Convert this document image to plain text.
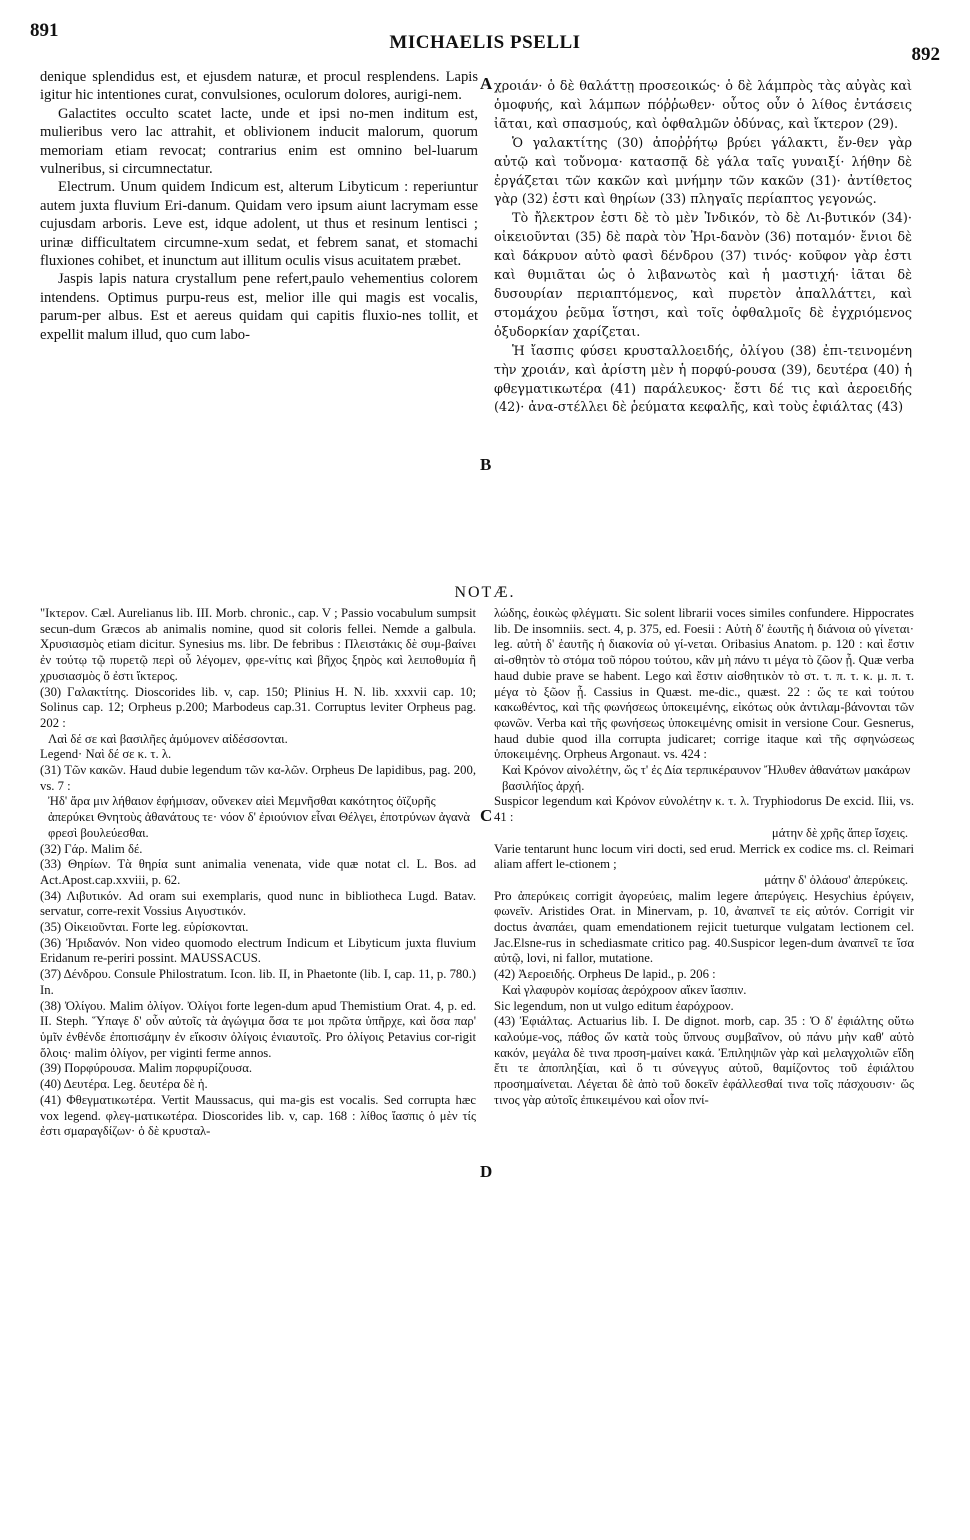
891
MICHAELIS PSELLI
892

denique splendidus est, et ejusdem naturæ, et procul resplendens. Lapis igitur hic intentiones curat, convulsiones, oculorum dolores, aurigi-nem.

Galactites occulto scatet lacte, unde et ipsi no-men inditum est, mulieribus vero lac attrahit, et oblivionem inducit malorum, quorum memoriam etiam revocat; contrarius enim est omnino bel-luarum vulneribus, si circumnectatur.

Electrum. Unum quidem Indicum est, alterum Libyticum : reperiuntur autem juxta fluvium Eri-danum. Quidam vero ipsum aiunt lacrymam esse cujusdam arboris. Leve est, idque adolent, ut thus et resinum lentisci ; urinæ difficultatem circumne-xum sedat, et febrem sanat, et stomachi fluxiones cohibet, et inunctum aut illitum oculis visus acuitatem præbet.

Jaspis lapis natura crystallum pene refert,paulo vehementius colorem intendens. Optimus purpu-reus est, melior ille qui magis est vocalis, parum-per albus. Est et aereus quidam qui capitis fluxio-nes tollit, et expellit malum illud, quo cum labo-

A
B
C
D

χροιάν· ὁ δὲ θαλάττῃ προσεοικώς· ὁ δὲ λάμπρὸς τὰς αὐγὰς καὶ ὁμοφυής, καὶ λάμπων πόῤῥωθεν· οὗτος οὖν ὁ λίθος ἐντάσεις ἰᾶται, καὶ σπασμούς, καὶ ὀφθαλμῶν ὀδύνας, καὶ ἴκτερον (29).

Ὁ γαλακτίτης (30) ἀποῤῥήτῳ βρύει γάλακτι, ἔν-θεν γὰρ αὐτῷ καὶ τοὔνομα· κατασπᾷ δὲ γάλα ταῖς γυναιξί· λήθην δὲ ἐργάζεται τῶν κακῶν καὶ μνήμην τῶν κακῶν (31)· ἀντίθετος γὰρ (32) ἐστι καὶ θηρίων (33) πληγαῖς περίαπτος γεγονώς.

Τὸ ἤλεκτρον ἐστι δὲ τὸ μὲν Ἰνδικόν, τὸ δὲ Λι-βυτικόν (34)· οἰκειοῦνται (35) δὲ παρὰ τὸν Ἠρι-δανὸν (36) ποταμόν· ἔνιοι δὲ καὶ δάκρυον αὐτὸ φασὶ δένδρου (37) τινός· κοῦφον γὰρ ἐστι καὶ θυμιᾶται ὡς ὁ λιβανωτὸς καὶ ἡ μαστιχή· ἰᾶται δὲ δυσουρίαν περιαπτόμενος, καὶ πυρετὸν ἀπαλλάττει, καὶ στομάχου ῥεῦμα ἵστησι, καὶ τοῖς ὀφθαλμοῖς δὲ ἐγχριόμενος ὀξυδορκίαν χαρίζεται.

Ἡ ἴασπις φύσει κρυσταλλοειδής, ὀλίγου (38) ἐπι-τεινομένη τὴν χροιάν, καὶ ἀρίστη μὲν ἡ πορφύ-ρουσα (39), δευτέρα (40) ἡ φθεγματικωτέρα (41) παράλευκος· ἔστι δέ τις καὶ ἀεροειδής (42)· ἀνα-στέλλει δὲ ῥεύματα κεφαλῆς, καὶ τοὺς ἐφιάλτας (43)

NOTÆ.

"Ικτερον. Cæl. Aurelianus lib. III. Morb. chronic., cap. V ; Passio vocabulum sumpsit secun-dum Græcos ab animalis nomine, quod sit coloris fellei. Nemde a galbula. Χρυσιασμὸς etiam dicitur. Synesius ms. libr. De febribus : Πλειστάκις δὲ συμ-βαίνει ἐν τούτῳ τῷ πυρετῷ περὶ οὗ λέγομεν, φρε-νίτις καὶ βῆχος ξηρὸς καὶ λειποθυμία ἢ χρυσιασμὸς ὅ ἐστι ἴκτερος.

(30) Γαλακτίτης. Dioscorides lib. v, cap. 150; Plinius H. N. lib. xxxvii cap. 10; Solinus cap. 12; Orpheus p.200; Marbodeus cap.31. Corruptus leviter Orpheus pag. 202 :

Λαὶ δέ σε καὶ βασιλῆες ἀμύμονεν αἰδέσσονται.

Legend· Ναὶ δέ σε κ. τ. λ.

(31) Τῶν κακῶν. Haud dubie legendum τῶν κα-λῶν. Orpheus De lapidibus, pag. 200, vs. 7 :

Ἠδ' ἄρα μιν λήθαιον ἐφήμισαν, οὕνεκεν αἰεὶ Μεμνῆσθαι κακότητος ὀϊζυρῆς ἀπερύκει Θνητοὺς ἀθανάτους τε· νόον δ' ἐριούνιον εἶναι Θέλγει, ἐποτρύνων ἀγανὰ φρεσὶ βουλεύεσθαι.

(32) Γάρ. Malim δέ.

(33) Θηρίων. Τὰ θηρία sunt animalia venenata, vide quæ notat cl. L. Bos. ad Act.Apost.cap.xxviii, p. 62.

(34) Λιβυτικόν. Ad oram sui exemplaris, quod nunc in bibliotheca Lugd. Batav. servatur, corre-rexit Vossius Αιγυστικόν.

(35) Οἰκειοῦνται. Forte leg. εὑρίσκονται.

(36) Ἠριδανόν. Non video quomodo electrum Indicum et Libyticum juxta fluvium Eridanum re-periri possint. MAUSSACUS.

(37) Δένδρου. Consule Philostratum. Icon. lib. II, in Phaetonte (lib. I, cap. 11, p. 780.) In.

(38) Ὀλίγου. Malim ὀλίγον. Ὀλίγοι forte legen-dum apud Themistium Orat. 4, p. ed. II. Steph. Ὕπαγε δ' οὖν αὐτοῖς τὰ ἀγώγιμα ὅσα τε μοι πρῶτα ὑπῆρχε, καὶ ὅσα παρ' ὑμῖν ἐνθένδε ἐποπισάμην ἐν εἴκοσιν ὀλίγοις ἐνιαυτοῖς. Pro ὀλίγοις Petavius cor-rigit ὅλοις· malim ὀλίγον, per viginti ferme annos.

(39) Πορφύρουσα. Malim πορφυρίζουσα.

(40) Δευτέρα. Leg. δευτέρα δὲ ἡ.

(41) Φθεγματικωτέρα. Vertit Maussacus, qui ma-gis est vocalis. Sed corrupta hæc vox legend. φλεγ-ματικωτέρα. Dioscorides lib. v, cap. 168 : λίθος ἴασπις ὁ μὲν τίς ἐστι σμαραγδίζων· ὁ δὲ κρυσταλ-

λώδης, ἐοικὼς φλέγματι. Sic solent librarii voces similes confundere. Hippocrates lib. De insomniis. sect. 4, p. 375, ed. Foesii : Αὐτὴ δ' ἑωυτῆς ἡ διάνοια οὐ γίνεται· leg. αὐτὴ δ' ἑαυτῆς ἡ διακονία οὐ γί-νεται. Oribasius Anatom. p. 120 : καὶ ἔστιν αἰ-σθητὸν τὸ στόμα τοῦ πόρου τούτου, κἂν μὴ πάνυ τι μέγα τὸ ζῶον ᾖ. Quæ verba haud dubie prave se habent. Lego καὶ ἔστιν αἰσθητικὸν τὸ στ. τ. π. τ. κ. μ. π. τ. μέγα τὸ ξῶον ᾖ. Cassius in Quæst. me-dic., quæst. 22 : ὥς τε καὶ τούτου κακωθέντος, καὶ τῆς φωνήσεως ὑποκειμένης, εἰκότως οὐκ ἀντιλαμ-βάνονται τῶν φωνῶν. Verba καὶ τῆς φωνήσεως ὑποκειμένης omisit in versione Cour. Gesnerus, haud dubie quod illa corrupta judicaret; corrige itaque καὶ τῆς σφηνώσεως ὑποκειμένης. Orpheus Argonaut. vs. 424 :

Καὶ Κρόνον αἰνολέτην, ὥς τ' ἐς Δία τερπικέραυνον Ἤλυθεν ἀθανάτων μακάρων βασιλήϊος ἀρχή.

Suspicor legendum καὶ Κρόνον εὐνολέτην κ. τ. λ. Tryphiodorus De excid. Ilii, vs. 41 :

μάτην δὲ χρῆς ἅπερ ἴσχεις.

Varie tentarunt hunc locum viri docti, sed erud. Merrick ex codice ms. cl. Reimari aliam affert le-ctionem ;

μάτην δ' ὀλάουσ' ἀπερύκεις.

Pro ἀπερύκεις corrigit ἀγορεύεις, malim legere ἀπερύγεις. Hesychius ἐρύγειν, φωνεῖν. Aristides Orat. in Minervam, p. 10, ἀναπνεῖ τε εἰς αὐτόν. Corrigit vir doctus ἀναπάει, quam emendationem rejicit tueturque vulgatam lectionem cel. Jac.Elsne-rus in schediasmate critico pag. 40.Suspicor legen-dum ἀναπνεῖ τε ἴσα αὐτῷ, lovi, ni fallor, mutatione.

(42) Ἀεροειδής. Orpheus De lapid., p. 206 :

Καὶ γλαφυρὸν κομίσας ἀερόχροον αἴκεν ἴασπιν.

Sic legendum, non ut vulgo editum ἐαρόχροον.

(43) Ἐφιάλτας. Actuarius lib. I. De dignot. morb, cap. 35 : Ὁ δ' ἐφιάλτης οὕτω καλούμε-νος, πάθος ὤν κατὰ τοὺς ὕπνους συμβαῖνον, οὐ πάνυ μὴν καθ' αὑτὸ κακόν, μεγάλα δὲ τινα προση-μαίνει κακά. Ἐπιληψιῶν γὰρ καὶ μελαγχολιῶν εἴδη ἔτι τε ἀποπληξίαι, καὶ ὅ τι σύνεγγυς αὐτοῦ, θαμίζοντος τοῦ ἐφιάλτου προσημαίνεται. Λέγεται δὲ ἀπὸ τοῦ δοκεῖν ἐφάλλεσθαί τινα τοῖς πάσχουσιν· ὥς τινος γὰρ αὐτοῖς ἐπικειμένου καὶ οἷον πνί-
